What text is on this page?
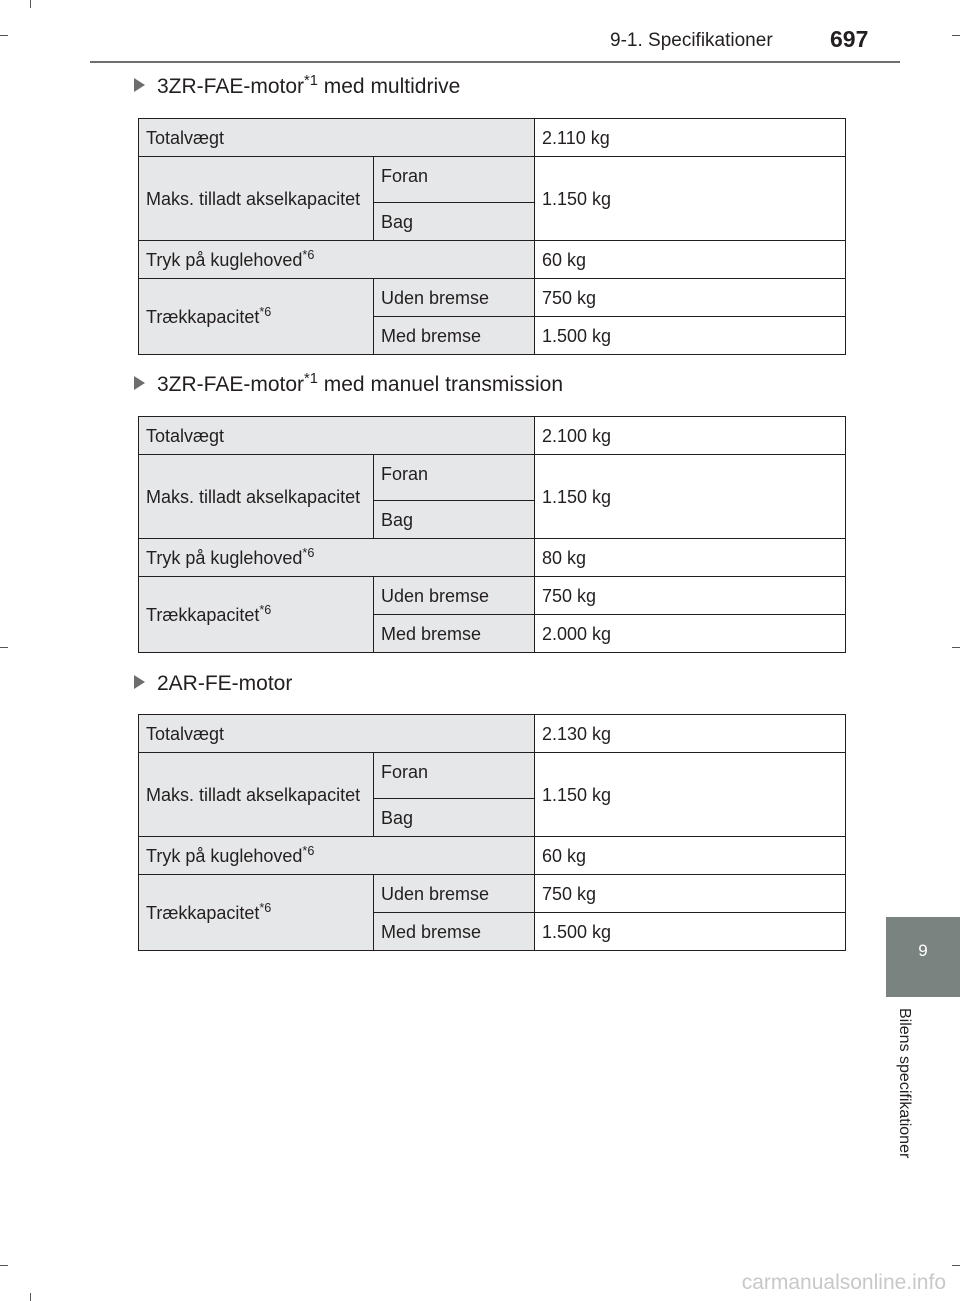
9-1. Specifikationer 697
3ZR-FAE-motor$^{*1}$ med multidrive
Totalvægt		2.110 kg
Maks. tilladt akselkapacitet	Foran	1.150 kg
	Bag	
Tryk på kuglehoved$^{*6}$		60 kg
Trækkapacitet$^{*6}$	Uden bremse	750 kg
	Med bremse	1.500 kg
3ZR-FAE-motor$^{*1}$ med manuel transmission
Totalvægt		2.100 kg
Maks. tilladt akselkapacitet	Foran	1.150 kg
	Bag	
Tryk på kuglehoved$^{*6}$		80 kg
Trækkapacitet$^{*6}$	Uden bremse	750 kg
	Med bremse	2.000 kg
2AR-FE-motor
Totalvægt		2.130 kg
Maks. tilladt akselkapacitet	Foran	1.150 kg
	Bag	
Tryk på kuglehoved$^{*6}$		60 kg
Trækkapacitet$^{*6}$	Uden bremse	750 kg
	Med bremse	1.500 kg
9
Bilens specifikationer
carmanualsonline.info
